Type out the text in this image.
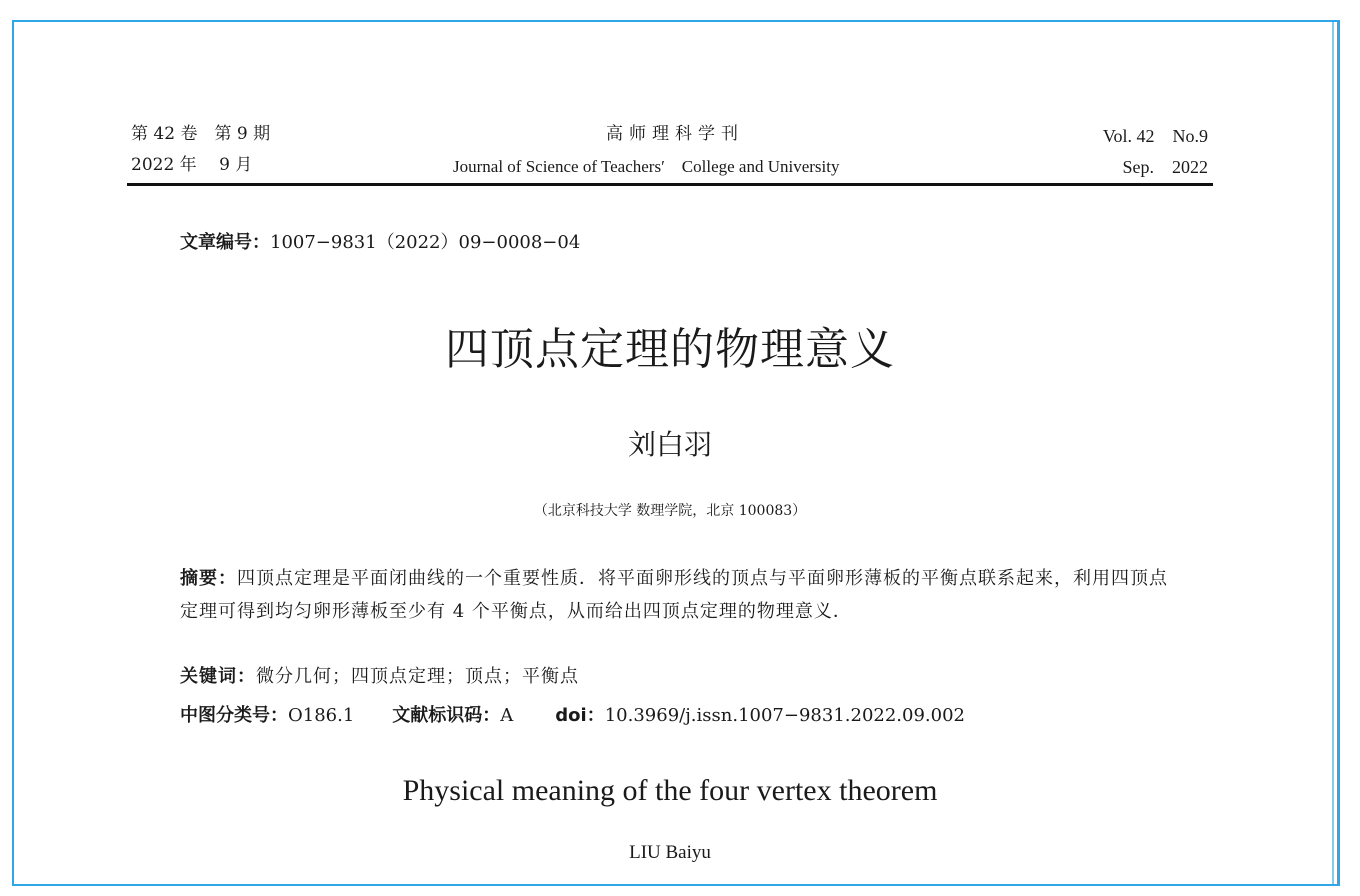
第 42 卷　第 9 期
2022 年　 9 月
高师理科学刊
Journal of Science of Teachers′　College and University
Vol. 42　No.9
Sep.　2022
文章编号：1007−9831（2022）09−0008−04
四顶点定理的物理意义
刘白羽
（北京科技大学 数理学院，北京 100083）
摘要：四顶点定理是平面闭曲线的一个重要性质．将平面卵形线的顶点与平面卵形薄板的平衡点联系起来，利用四顶点定理可得到均匀卵形薄板至少有 4 个平衡点，从而给出四顶点定理的物理意义．
关键词：微分几何；四顶点定理；顶点；平衡点
中图分类号：O186.1 文献标识码：A doi：10.3969/j.issn.1007−9831.2022.09.002
Physical meaning of the four vertex theorem
LIU Baiyu
